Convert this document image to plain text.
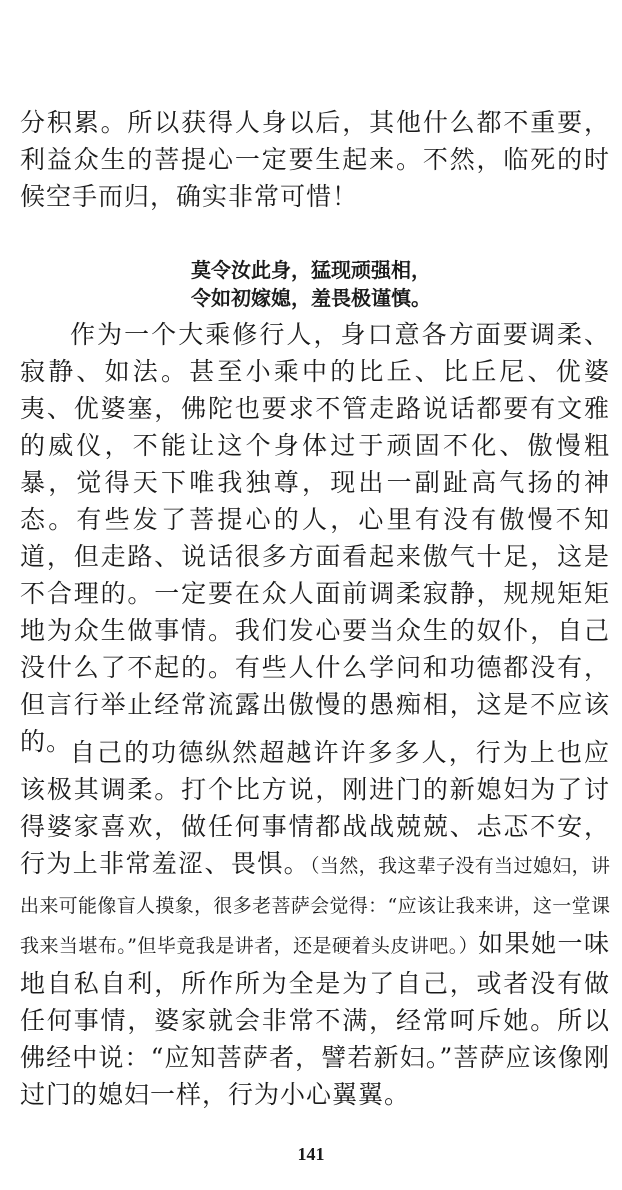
分积累。所以获得人身以后，其他什么都不重要，利益众生的菩提心一定要生起来。不然，临死的时候空手而归，确实非常可惜！

莫令汝此身，猛现顽强相，

令如初嫁媳，羞畏极谨慎。

作为一个大乘修行人，身口意各方面要调柔、寂静、如法。甚至小乘中的比丘、比丘尼、优婆夷、优婆塞，佛陀也要求不管走路说话都要有文雅的威仪，不能让这个身体过于顽固不化、傲慢粗暴，觉得天下唯我独尊，现出一副趾高气扬的神态。有些发了菩提心的人，心里有没有傲慢不知道，但走路、说话很多方面看起来傲气十足，这是不合理的。一定要在众人面前调柔寂静，规规矩矩地为众生做事情。我们发心要当众生的奴仆，自己没什么了不起的。有些人什么学问和功德都没有，但言行举止经常流露出傲慢的愚痴相，这是不应该的。

自己的功德纵然超越许许多多人，行为上也应该极其调柔。打个比方说，刚进门的新媳妇为了讨得婆家喜欢，做任何事情都战战兢兢、忐忑不安，行为上非常羞涩、畏惧。（当然，我这辈子没有当过媳妇，讲出来可能像盲人摸象，很多老菩萨会觉得：“应该让我来讲，这一堂课我来当堪布。”但毕竟我是讲者，还是硬着头皮讲吧。）如果她一味地自私自利，所作所为全是为了自己，或者没有做任何事情，婆家就会非常不满，经常呵斥她。所以佛经中说：“应知菩萨者，譬若新妇。”菩萨应该像刚过门的媳妇一样，行为小心翼翼。

141
